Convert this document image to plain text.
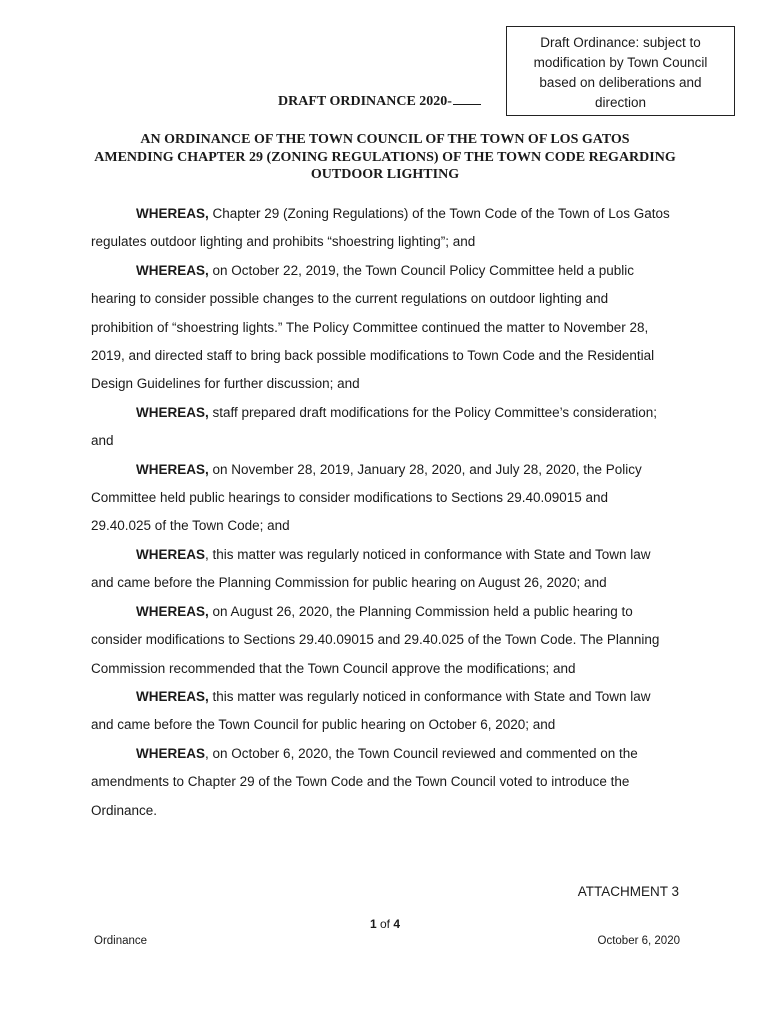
Draft Ordinance: subject to
modification by Town Council
based on deliberations and
direction
DRAFT ORDINANCE 2020-
AN ORDINANCE OF THE TOWN COUNCIL OF THE TOWN OF LOS GATOS
AMENDING CHAPTER 29 (ZONING REGULATIONS) OF THE TOWN CODE REGARDING
OUTDOOR LIGHTING

WHEREAS, Chapter 29 (Zoning Regulations) of the Town Code of the Town of Los Gatos
regulates outdoor lighting and prohibits “shoestring lighting”; and

WHEREAS, on October 22, 2019, the Town Council Policy Committee held a public
hearing to consider possible changes to the current regulations on outdoor lighting and
prohibition of “shoestring lights.” The Policy Committee continued the matter to November 28,
2019, and directed staff to bring back possible modifications to Town Code and the Residential
Design Guidelines for further discussion; and

WHEREAS, staff prepared draft modifications for the Policy Committee’s consideration;
and

WHEREAS, on November 28, 2019, January 28, 2020, and July 28, 2020, the Policy
Committee held public hearings to consider modifications to Sections 29.40.09015 and
29.40.025 of the Town Code; and

WHEREAS, this matter was regularly noticed in conformance with State and Town law
and came before the Planning Commission for public hearing on August 26, 2020; and

WHEREAS, on August 26, 2020, the Planning Commission held a public hearing to
consider modifications to Sections 29.40.09015 and 29.40.025 of the Town Code. The Planning
Commission recommended that the Town Council approve the modifications; and

WHEREAS, this matter was regularly noticed in conformance with State and Town law
and came before the Town Council for public hearing on October 6, 2020; and

WHEREAS, on October 6, 2020, the Town Council reviewed and commented on the
amendments to Chapter 29 of the Town Code and the Town Council voted to introduce the
Ordinance.

ATTACHMENT 3
1 of 4
Ordinance	October 6, 2020
